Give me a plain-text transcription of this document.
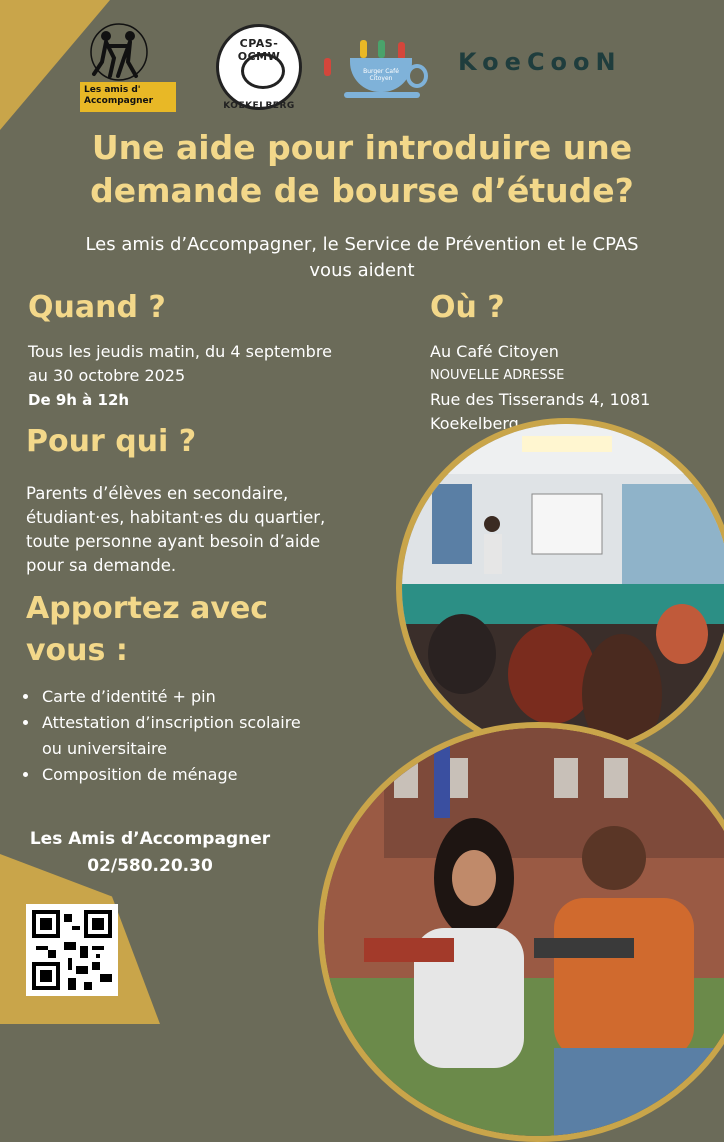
Les amis d'
Accompagner
CPAS-OCMW
KOEKELBERG
Burger Café Citoyen
KoeCooN
Une aide pour introduire une
demande de bourse d’étude?
Les amis d’Accompagner, le Service de Prévention et le CPAS
vous aident
Quand ?
Tous les jeudis matin, du 4 septembre
au 30 octobre 2025
De 9h à 12h
Où ?
Au Café Citoyen
NOUVELLE ADRESSE
Rue des Tisserands 4, 1081
Koekelberg
Pour qui ?
Parents d’élèves en secondaire,
étudiant·es, habitant·es du quartier,
toute personne ayant besoin d’aide
pour sa demande.
Apportez avec
vous :
• Carte d’identité + pin
• Attestation d’inscription scolaire
ou universitaire
• Composition de ménage
Les Amis d’Accompagner
02/580.20.30
